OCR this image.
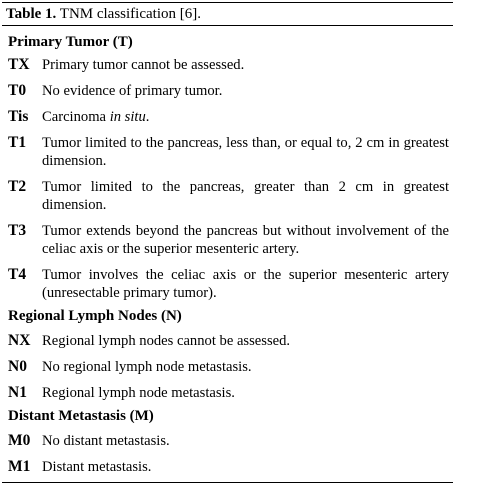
Table 1. TNM classification [6].
Primary Tumor (T)
TX Primary tumor cannot be assessed.
T0	No evidence of primary tumor.
Tis Carcinoma in situ.
T1	Tumor limited to the pancreas, less than, or equal to, 2 cm in greatest dimension.
T2	Tumor limited to the pancreas, greater than 2 cm in greatest dimension.
T3	Tumor extends beyond the pancreas but without involvement of the celiac axis or the superior mesenteric artery.
T4	Tumor involves the celiac axis or the superior mesenteric artery (unresectable primary tumor).
Regional Lymph Nodes (N)
NX Regional lymph nodes cannot be assessed.
N0	No regional lymph node metastasis.
N1	Regional lymph node metastasis.
Distant Metastasis (M)
M0 No distant metastasis.
M1 Distant metastasis.
